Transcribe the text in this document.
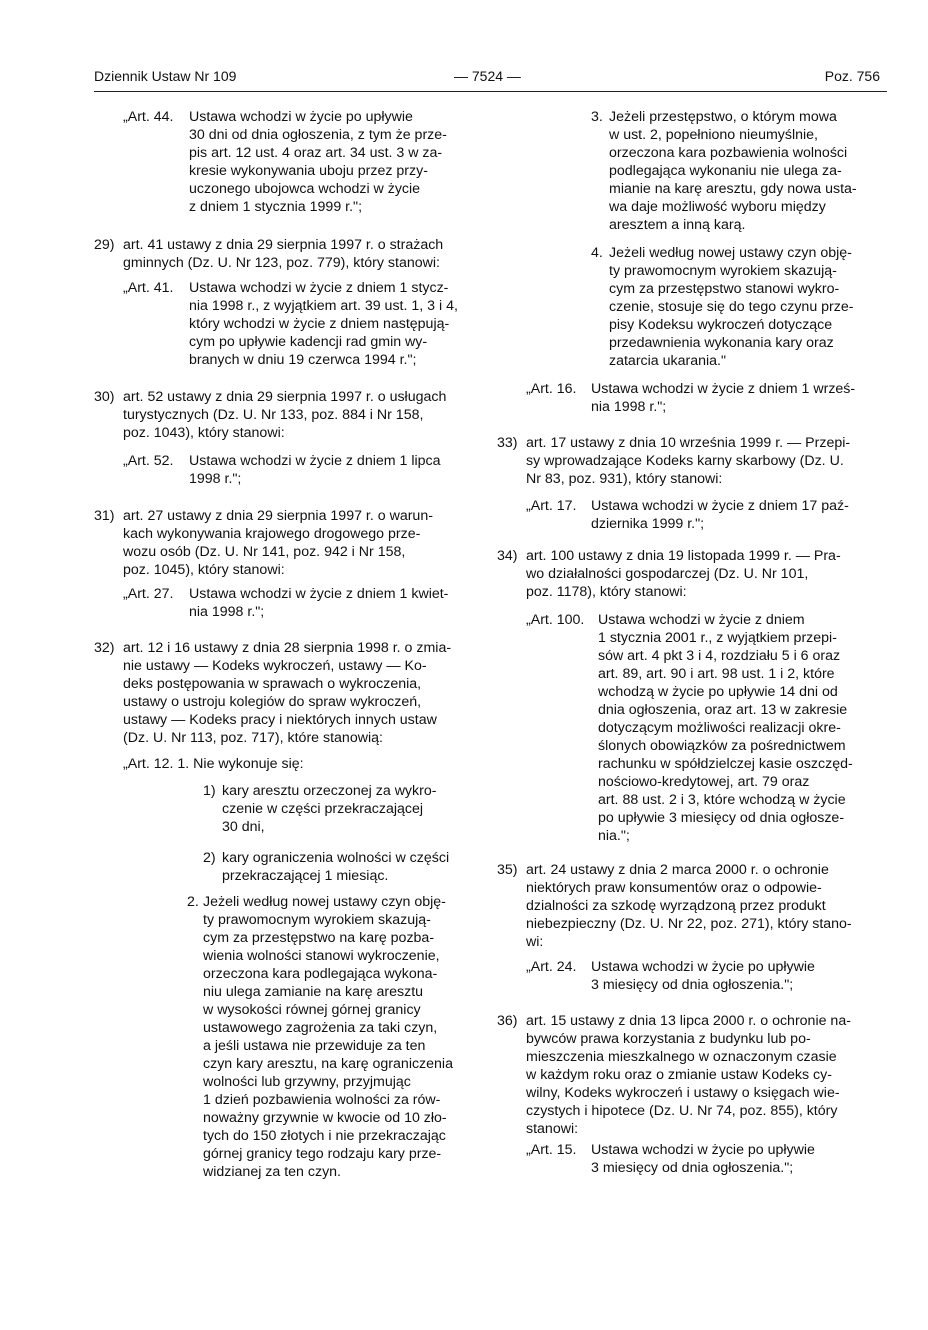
Dziennik Ustaw Nr 109	— 7524 —	Poz. 756
„Art. 44. Ustawa wchodzi w życie po upływie
30 dni od dnia ogłoszenia, z tym że prze-
pis art. 12 ust. 4 oraz art. 34 ust. 3 w za-
kresie wykonywania uboju przez przy-
uczonego ubojowca wchodzi w życie
z dniem 1 stycznia 1999 r.";
29) art. 41 ustawy z dnia 29 sierpnia 1997 r. o strażach
gminnych (Dz. U. Nr 123, poz. 779), który stanowi:
„Art. 41. Ustawa wchodzi w życie z dniem 1 stycz-
nia 1998 r., z wyjątkiem art. 39 ust. 1, 3 i 4,
który wchodzi w życie z dniem następują-
cym po upływie kadencji rad gmin wy-
branych w dniu 19 czerwca 1994 r.";
30) art. 52 ustawy z dnia 29 sierpnia 1997 r. o usługach
turystycznych (Dz. U. Nr 133, poz. 884 i Nr 158,
poz. 1043), który stanowi:
„Art. 52. Ustawa wchodzi w życie z dniem 1 lipca
1998 r.";
31) art. 27 ustawy z dnia 29 sierpnia 1997 r. o warun-
kach wykonywania krajowego drogowego prze-
wozu osób (Dz. U. Nr 141, poz. 942 i Nr 158,
poz. 1045), który stanowi:
„Art. 27. Ustawa wchodzi w życie z dniem 1 kwiet-
nia 1998 r.";
32) art. 12 i 16 ustawy z dnia 28 sierpnia 1998 r. o zmia-
nie ustawy — Kodeks wykroczeń, ustawy — Ko-
deks postępowania w sprawach o wykroczenia,
ustawy o ustroju kolegiów do spraw wykroczeń,
ustawy — Kodeks pracy i niektórych innych ustaw
(Dz. U. Nr 113, poz. 717), które stanowią:
„Art. 12. 1. Nie wykonuje się:
1) kary aresztu orzeczonej za wykro-
czenie w części przekraczającej
30 dni,
2) kary ograniczenia wolności w części
przekraczającej 1 miesiąc.
2. Jeżeli według nowej ustawy czyn obję-
ty prawomocnym wyrokiem skazują-
cym za przestępstwo na karę pozba-
wienia wolności stanowi wykroczenie,
orzeczona kara podlegająca wykona-
niu ulega zamianie na karę aresztu
w wysokości równej górnej granicy
ustawowego zagrożenia za taki czyn,
a jeśli ustawa nie przewiduje za ten
czyn kary aresztu, na karę ograniczenia
wolności lub grzywny, przyjmując
1 dzień pozbawienia wolności za rów-
noważny grzywnie w kwocie od 10 zło-
tych do 150 złotych i nie przekraczając
górnej granicy tego rodzaju kary prze-
widzianej za ten czyn.
3. Jeżeli przestępstwo, o którym mowa
w ust. 2, popełniono nieumyślnie,
orzeczona kara pozbawienia wolności
podlegająca wykonaniu nie ulega za-
mianie na karę aresztu, gdy nowa usta-
wa daje możliwość wyboru między
aresztem a inną karą.
4. Jeżeli według nowej ustawy czyn obję-
ty prawomocnym wyrokiem skazują-
cym za przestępstwo stanowi wykro-
czenie, stosuje się do tego czynu prze-
pisy Kodeksu wykroczeń dotyczące
przedawnienia wykonania kary oraz
zatarcia ukarania."
„Art. 16. Ustawa wchodzi w życie z dniem 1 wrześ-
nia 1998 r.";
33) art. 17 ustawy z dnia 10 września 1999 r. — Przepi-
sy wprowadzające Kodeks karny skarbowy (Dz. U.
Nr 83, poz. 931), który stanowi:
„Art. 17. Ustawa wchodzi w życie z dniem 17 paź-
dziernika 1999 r.";
34) art. 100 ustawy z dnia 19 listopada 1999 r. — Pra-
wo działalności gospodarczej (Dz. U. Nr 101,
poz. 1178), który stanowi:
„Art. 100. Ustawa wchodzi w życie z dniem
1 stycznia 2001 r., z wyjątkiem przepi-
sów art. 4 pkt 3 i 4, rozdziału 5 i 6 oraz
art. 89, art. 90 i art. 98 ust. 1 i 2, które
wchodzą w życie po upływie 14 dni od
dnia ogłoszenia, oraz art. 13 w zakresie
dotyczącym możliwości realizacji okre-
ślonych obowiązków za pośrednictwem
rachunku w spółdzielczej kasie oszczęd-
nościowo-kredytowej, art. 79 oraz
art. 88 ust. 2 i 3, które wchodzą w życie
po upływie 3 miesięcy od dnia ogłosze-
nia.";
35) art. 24 ustawy z dnia 2 marca 2000 r. o ochronie
niektórych praw konsumentów oraz o odpowie-
dzialności za szkodę wyrządzoną przez produkt
niebezpieczny (Dz. U. Nr 22, poz. 271), który stano-
wi:
„Art. 24. Ustawa wchodzi w życie po upływie
3 miesięcy od dnia ogłoszenia.";
36) art. 15 ustawy z dnia 13 lipca 2000 r. o ochronie na-
bywców prawa korzystania z budynku lub po-
mieszczenia mieszkalnego w oznaczonym czasie
w każdym roku oraz o zmianie ustaw Kodeks cy-
wilny, Kodeks wykroczeń i ustawy o księgach wie-
czystych i hipotece (Dz. U. Nr 74, poz. 855), który
stanowi:
„Art. 15. Ustawa wchodzi w życie po upływie
3 miesięcy od dnia ogłoszenia.";
